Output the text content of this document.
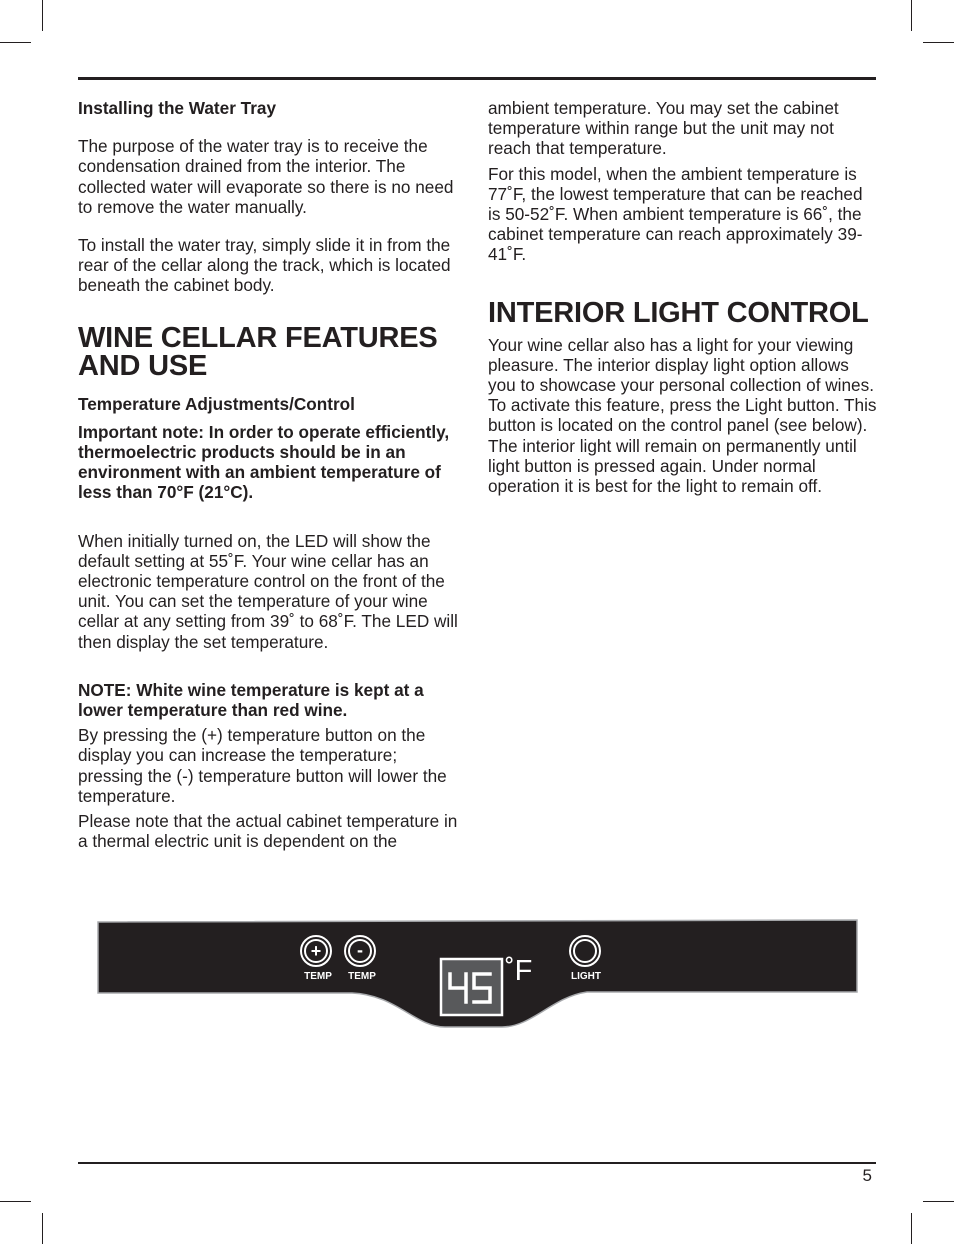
Installing the Water Tray

The purpose of the water tray is to receive the condensation drained from the interior. The collected water will evaporate so there is no need to remove the water manually.

To install the water tray, simply slide it in from the rear of the cellar along the track, which is located beneath the cabinet body.

WINE CELLAR FEATURES
AND USE

Temperature Adjustments/Control

Important note: In order to operate efficiently, thermoelectric products should be in an environment with an ambient temperature of less than 70°F (21°C).

When initially turned on, the LED will show the default setting at 55˚F. Your wine cellar has an electronic temperature control on the front of the unit. You can set the temperature of your wine cellar at any setting from 39˚ to 68˚F. The LED will then display the set temperature.

NOTE: White wine temperature is kept at a lower temperature than red wine.

By pressing the (+) temperature button on the display you can increase the temperature; pressing the (-) temperature button will lower the temperature.

Please note that the actual cabinet temperature in a thermal electric unit is dependent on the

ambient temperature. You may set the cabinet temperature within range but the unit may not reach that temperature.

For this model, when the ambient temperature is 77˚F, the lowest temperature that can be reached is 50-52˚F. When ambient temperature is 66˚, the cabinet temperature can reach approximately 39-41˚F.

INTERIOR LIGHT CONTROL

Your wine cellar also has a light for your viewing pleasure. The interior display light option allows you to showcase your personal collection of wines. To activate this feature, press the Light button. This button is located on the control panel (see below). The interior light will remain on permanently until light button is pressed again. Under normal operation it is best for the light to remain off.

+
TEMP
-
TEMP	LIGHT
45
˚F
5
